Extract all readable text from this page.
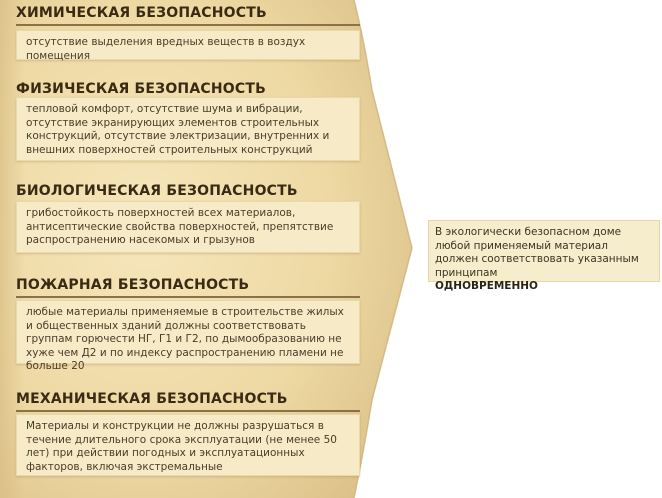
ХИМИЧЕСКАЯ БЕЗОПАСНОСТЬ
отсутствие выделения вредных веществ в воздух помещения
ФИЗИЧЕСКАЯ БЕЗОПАСНОСТЬ
тепловой комфорт, отсутствие шума и вибрации, отсутствие экранирующих элементов строительных конструкций, отсутствие электризации, внутренних и внешних поверхностей строительных конструкций
БИОЛОГИЧЕСКАЯ БЕЗОПАСНОСТЬ
грибостойкость поверхностей всех материалов, антисептические свойства поверхностей, препятствие распространению насекомых и грызунов
ПОЖАРНАЯ БЕЗОПАСНОСТЬ
любые материалы применяемые в строительстве жилых и общественных зданий должны соответствовать группам горючести НГ, Г1 и Г2, по дымообразованию не хуже чем Д2 и по индексу распространению пламени не больше 20
МЕХАНИЧЕСКАЯ БЕЗОПАСНОСТЬ
Материалы и конструкции не должны разрушаться в течение длительного срока эксплуатации (не менее 50 лет) при действии погодных и эксплуатационных факторов, включая экстремальные
В экологически безопасном доме любой применяемый материал должен соответствовать указанным принципам
ОДНОВРЕМЕННО
